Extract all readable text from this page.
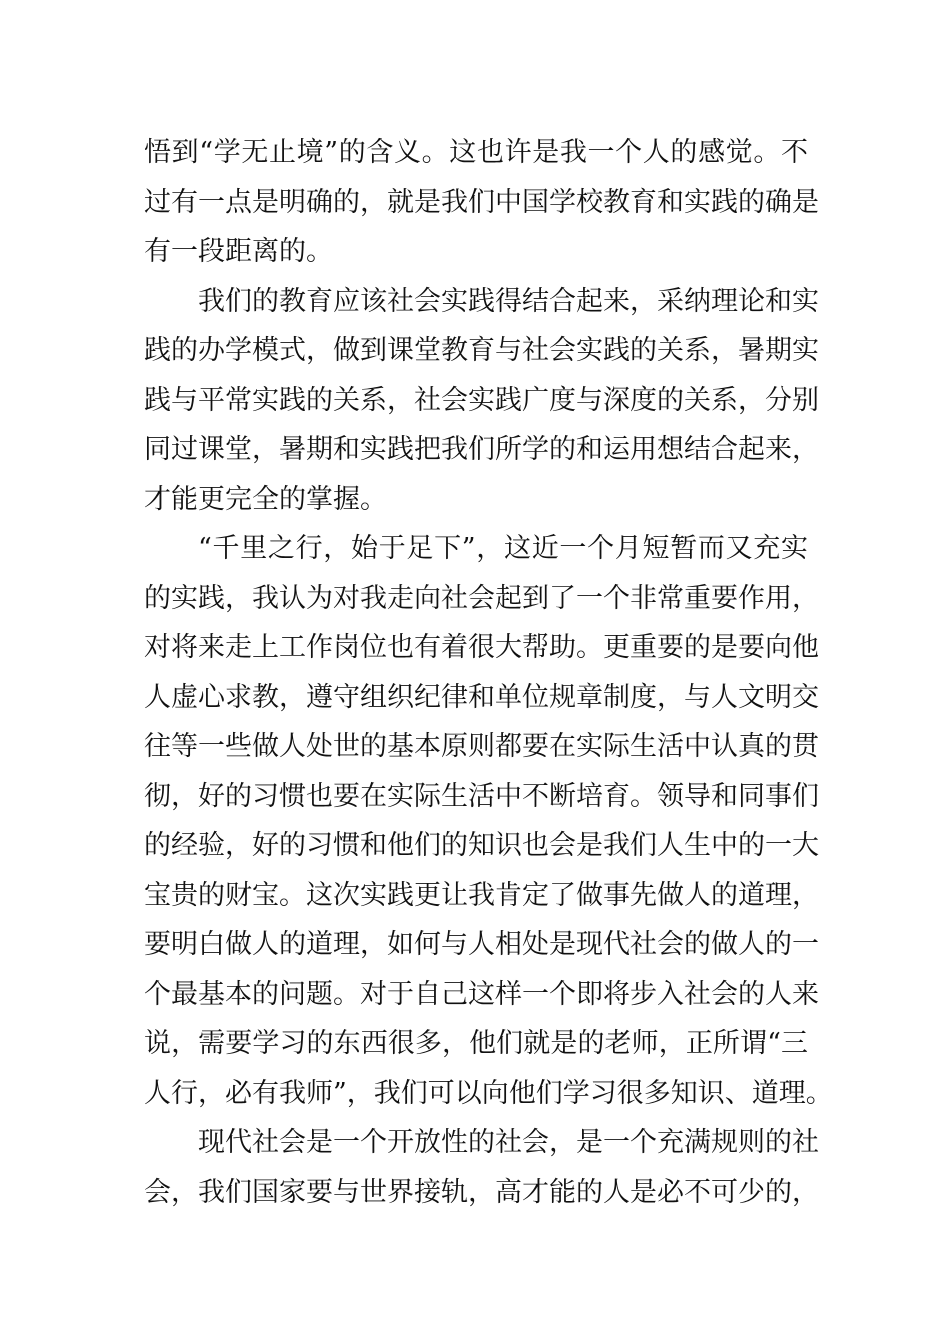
悟到“学无止境”的含义。这也许是我一个人的感觉。不
过有一点是明确的，就是我们中国学校教育和实践的确是
有一段距离的。
我们的教育应该社会实践得结合起来，采纳理论和实
践的办学模式，做到课堂教育与社会实践的关系，暑期实
践与平常实践的关系，社会实践广度与深度的关系，分别
同过课堂，暑期和实践把我们所学的和运用想结合起来，
才能更完全的掌握。
“千里之行，始于足下”，这近一个月短暂而又充实
的实践，我认为对我走向社会起到了一个非常重要作用，
对将来走上工作岗位也有着很大帮助。更重要的是要向他
人虚心求教，遵守组织纪律和单位规章制度，与人文明交
往等一些做人处世的基本原则都要在实际生活中认真的贯
彻，好的习惯也要在实际生活中不断培育。领导和同事们
的经验，好的习惯和他们的知识也会是我们人生中的一大
宝贵的财宝。这次实践更让我肯定了做事先做人的道理，
要明白做人的道理，如何与人相处是现代社会的做人的一
个最基本的问题。对于自己这样一个即将步入社会的人来
说，需要学习的东西很多，他们就是的老师，正所谓“三
人行，必有我师”，我们可以向他们学习很多知识、道理。
现代社会是一个开放性的社会，是一个充满规则的社
会，我们国家要与世界接轨，高才能的人是必不可少的，
